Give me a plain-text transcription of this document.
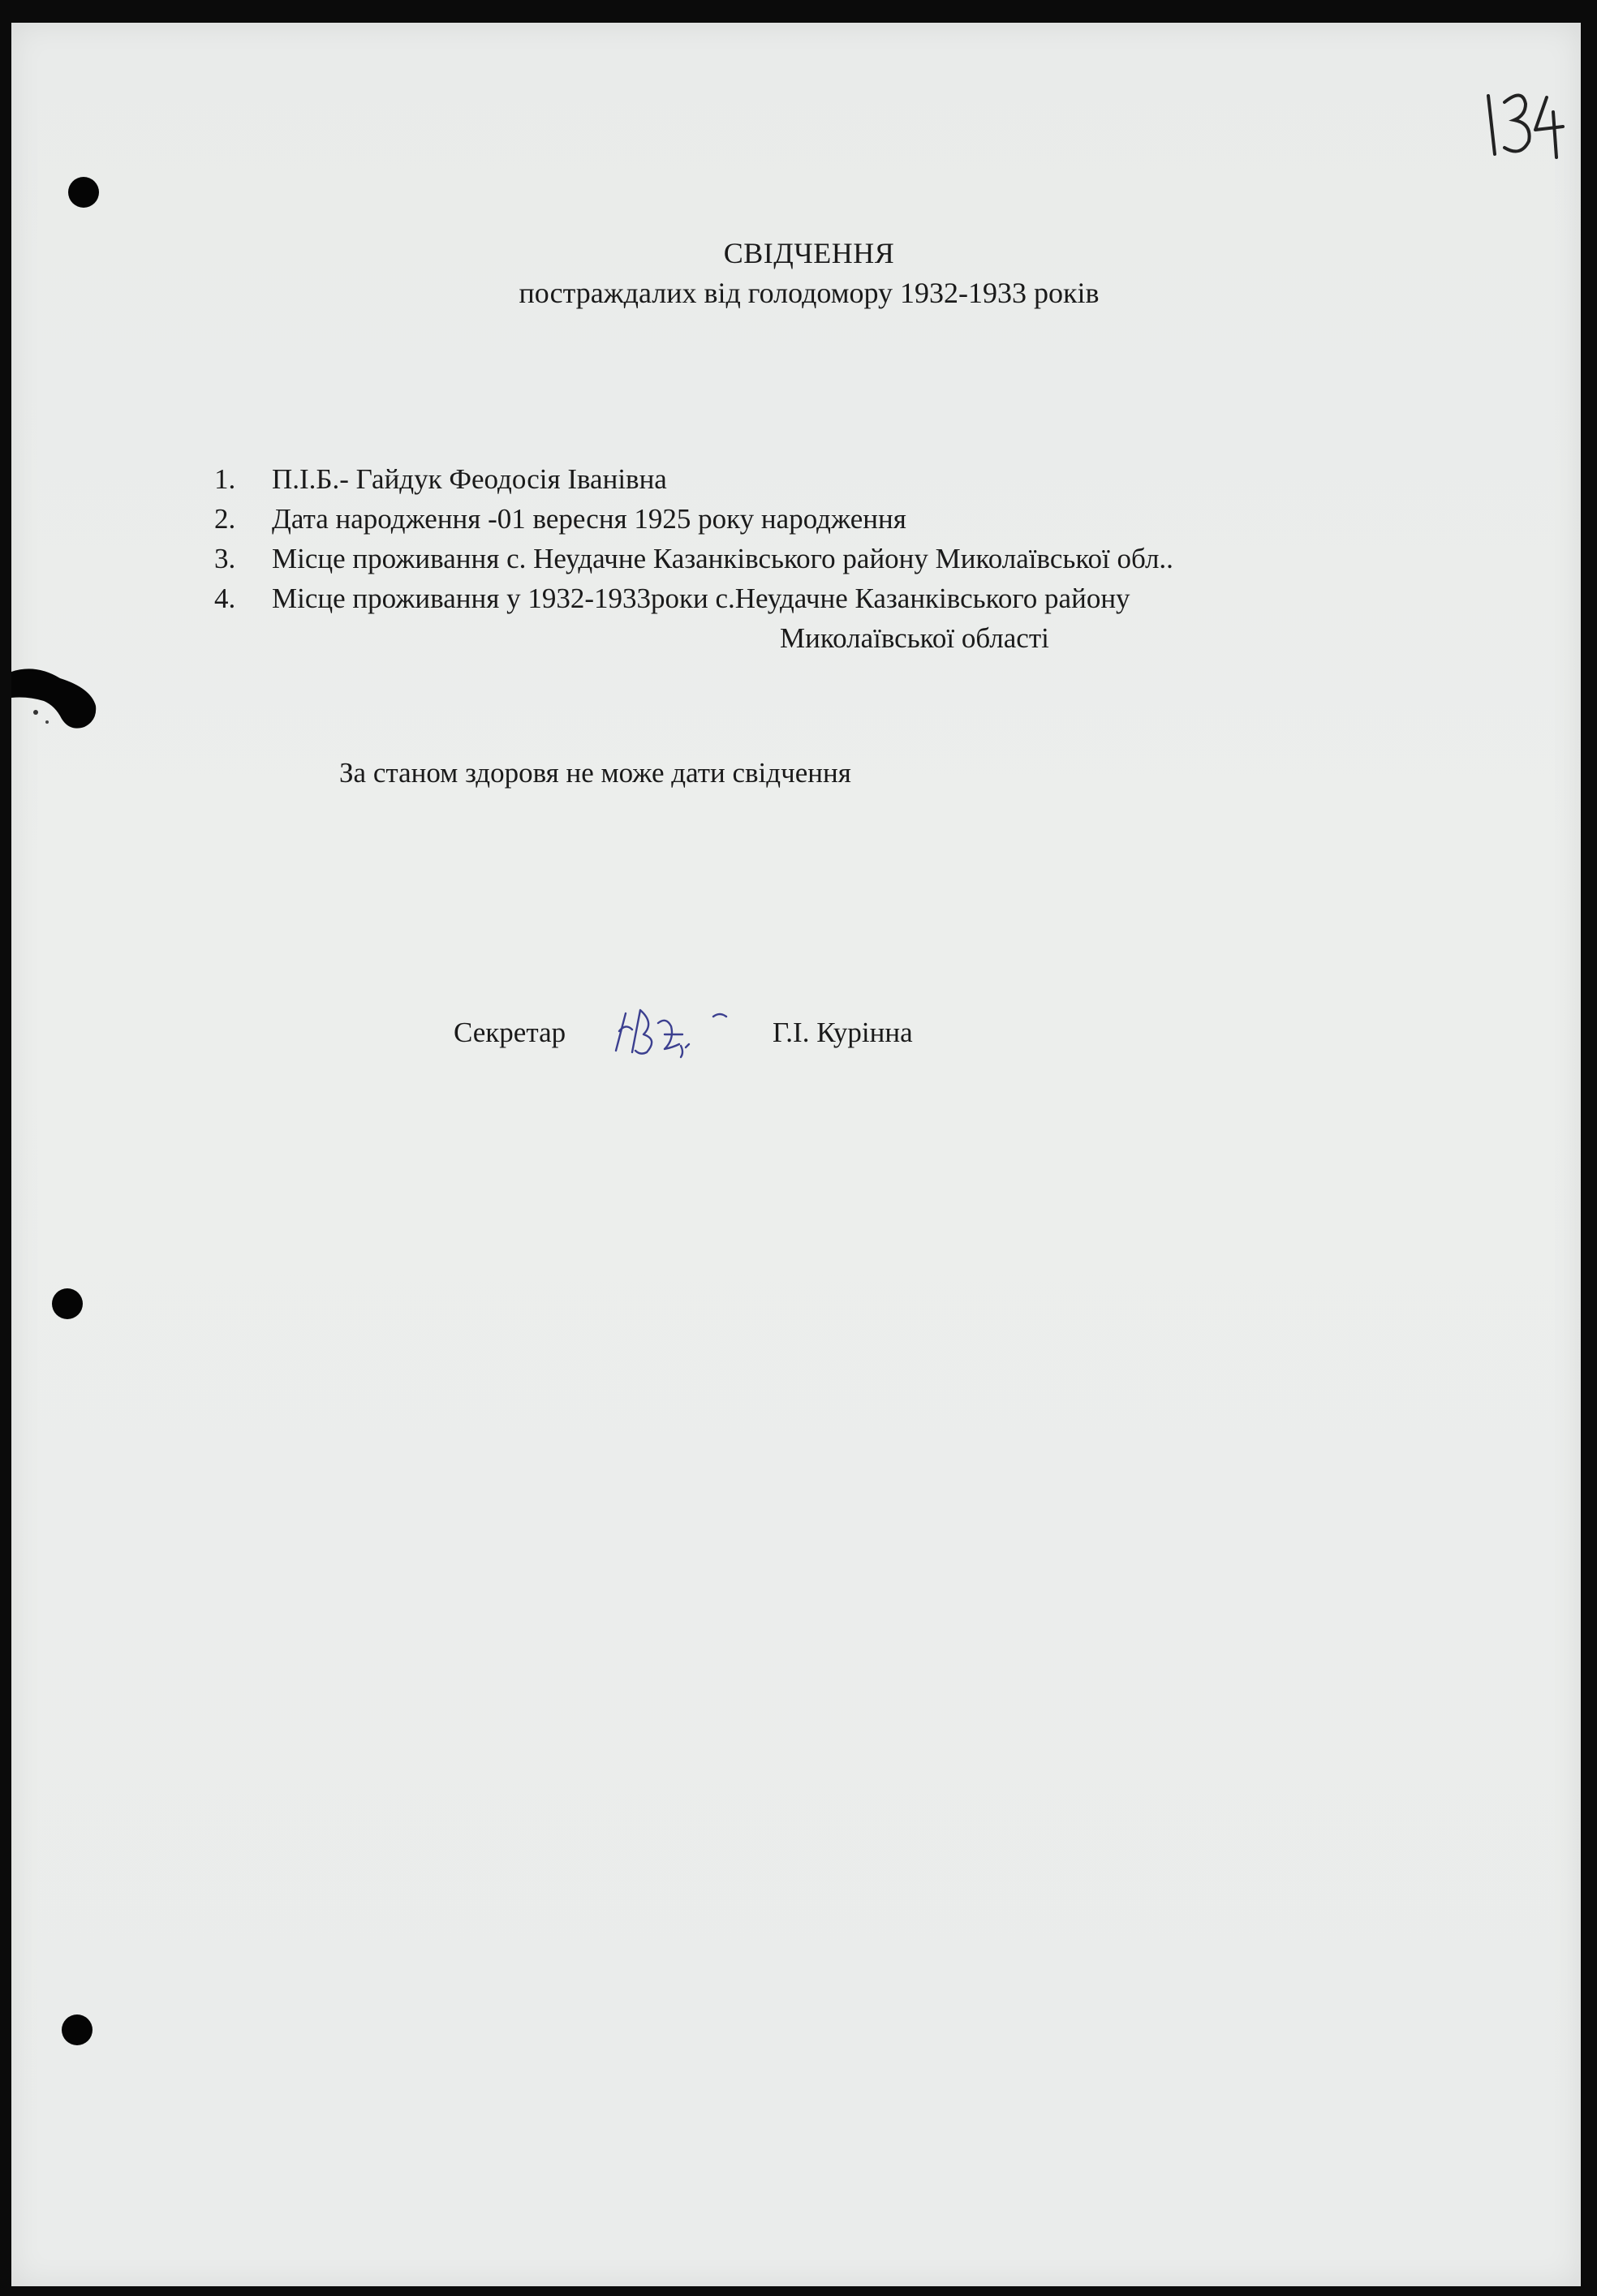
СВІДЧЕННЯ
постраждалих від голодомору 1932-1933 років
1.	П.І.Б.- Гайдук Феодосія Іванівна
2.	Дата народження -01 вересня 1925 року народження
3.	Місце проживання с. Неудачне Казанківського району Миколаївської обл..
4.	Місце проживання у 1932-1933роки с.Неудачне Казанківського району
Миколаївської області
За станом здоровя не може дати свідчення
Секретар	Г.І. Курінна
